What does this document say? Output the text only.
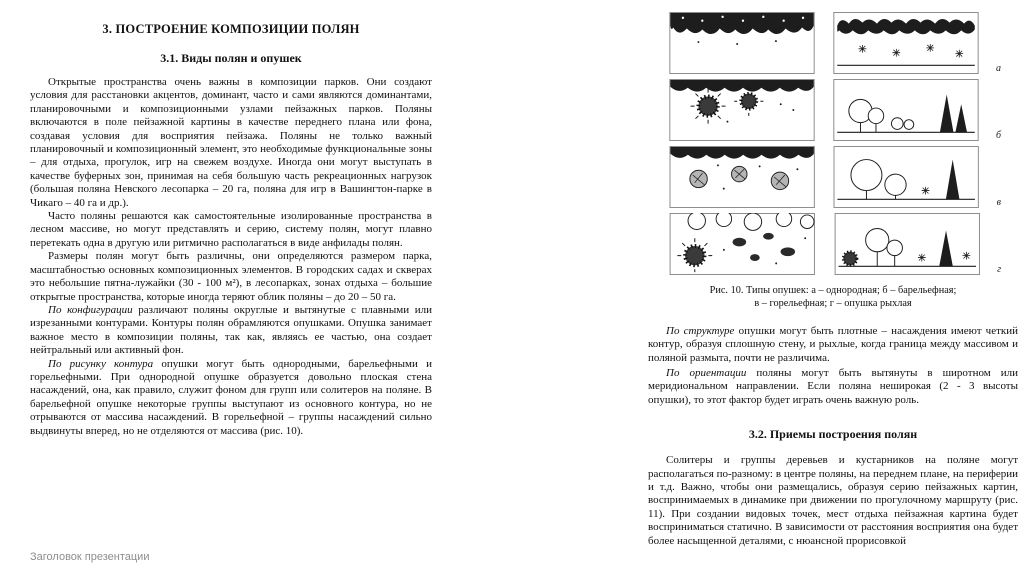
3. ПОСТРОЕНИЕ КОМПОЗИЦИИ ПОЛЯН
3.1. Виды полян и опушек

Открытые пространства очень важны в композиции парков. Они создают условия для расстановки акцентов, доминант, часто и сами являются доминантами, планировочными и композиционными узлами пейзажных парков. Поляны включаются в поле пейзажной картины в качестве переднего плана или фона, создавая условия для восприятия пейзажа. Поляны не только важный планировочный и композиционный элемент, это необходимые функциональные зоны – для отдыха, прогулок, игр на свежем воздухе. Иногда они могут выступать в качестве буферных зон, принимая на себя большую часть рекреационных нагрузок (большая поляна Невского лесопарка – 20 га, поляна для игр в Вашингтон-парке в Чикаго – 40 га и др.).

Часто поляны решаются как самостоятельные изолированные пространства в лесном массиве, но могут представлять и серию, систему полян, могут плавно перетекать одна в другую или ритмично располагаться в виде анфилады полян.

Размеры полян могут быть различны, они определяются размером парка, масштабностью основных композиционных элементов. В городских садах и скверах это небольшие пятна-лужайки (30 - 100 м²), в лесопарках, зонах отдыха – большие открытые пространства, которые иногда теряют облик поляны – до 20 – 50 га.

По конфигурации различают поляны округлые и вытянутые с плавными или изрезанными контурами. Контуры полян обрамляются опушками. Опушка занимает важное место в композиции поляны, так как, являясь ее частью, она создает нейтральный или активный фон.

По рисунку контура опушки могут быть однородными, барельефными и горельефными. При однородной опушке образуется довольно плоская стена насаждений, она, как правило, служит фоном для групп или солитеров на поляне. В барельефной опушке некоторые группы выступают из основного контура, но не отрываются от массива насаждений. В горельефной – группы насаждений сильно выдвинуты вперед, но не отделяются от массива (рис. 10).

а
б
в
г
Рис. 10. Типы опушек: а – однородная; б – барельефная;
в – горельефная; г – опушка рыхлая

По структуре опушки могут быть плотные – насаждения имеют четкий контур, образуя сплошную стену, и рыхлые, когда граница между массивом и поляной размыта, почти не различима.

По ориентации поляны могут быть вытянуты в широтном или меридиональном направлении. Если поляна неширокая (2 - 3 высоты опушки), то этот фактор будет играть очень важную роль.

3.2. Приемы построения полян

Солитеры и группы деревьев и кустарников на поляне могут располагаться по-разному: в центре поляны, на переднем плане, на периферии и т.д. Важно, чтобы они размещались, образуя серию пейзажных картин, воспринимаемых в динамике при движении по прогулочному маршруту (рис. 11). При создании видовых точек, мест отдыха пейзажная картина будет восприниматься статично. В зависимости от расстояния восприятия она будет более насыщенной деталями, с нюансной прорисовкой

Заголовок презентации
